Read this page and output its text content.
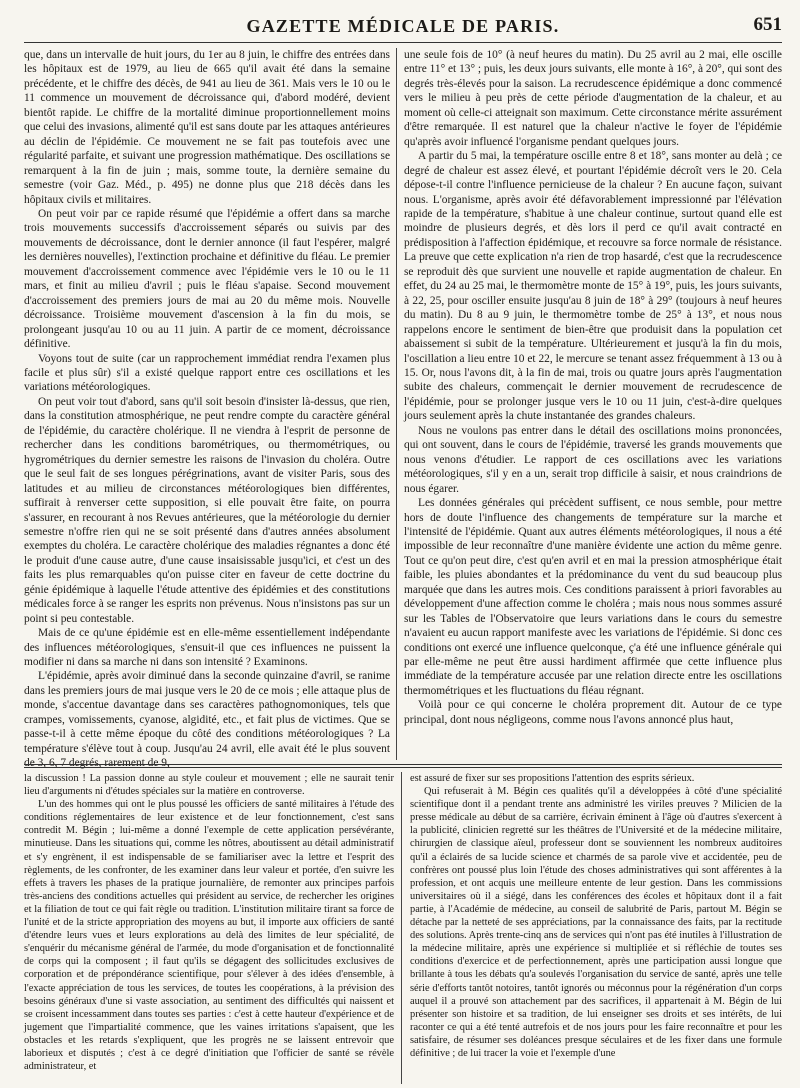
GAZETTE MÉDICALE DE PARIS.	651

que, dans un intervalle de huit jours, du 1er au 8 juin, le chiffre des entrées dans les hôpitaux est de 1979, au lieu de 665 qu'il avait été dans la semaine précédente, et le chiffre des décès, de 941 au lieu de 361. Mais vers le 10 ou le 11 commence un mouvement de décroissance qui, d'abord modéré, devient bientôt rapide. Le chiffre de la mortalité diminue proportionnellement moins que celui des invasions, alimenté qu'il est sans doute par les attaques antérieures au déclin de l'épidémie. Ce mouvement ne se fait pas toutefois avec une régularité parfaite, et suivant une progression mathématique. Des oscillations se remarquent à la fin de juin ; mais, somme toute, la dernière semaine du semestre (voir Gaz. Méd., p. 495) ne donne plus que 218 décès dans les hôpitaux civils et militaires.

On peut voir par ce rapide résumé que l'épidémie a offert dans sa marche trois mouvements successifs d'accroissement séparés ou suivis par des mouvements de décroissance, dont le dernier annonce (il faut l'espérer, malgré les dernières nouvelles), l'extinction prochaine et définitive du fléau. Le premier mouvement d'accroissement commence avec l'épidémie vers le 10 ou le 11 mars, et finit au milieu d'avril ; puis le fléau s'apaise. Second mouvement d'accroissement des premiers jours de mai au 20 du même mois. Nouvelle décroissance. Troisième mouvement d'ascension à la fin du mois, se prolongeant jusqu'au 10 ou au 11 juin. A partir de ce moment, décroissance définitive.

Voyons tout de suite (car un rapprochement immédiat rendra l'examen plus facile et plus sûr) s'il a existé quelque rapport entre ces oscillations et les variations météorologiques.

On peut voir tout d'abord, sans qu'il soit besoin d'insister là-dessus, que rien, dans la constitution atmosphérique, ne peut rendre compte du caractère général de l'épidémie, du caractère cholérique. Il ne viendra à l'esprit de personne de rechercher dans les conditions barométriques, ou thermométriques, ou hygrométriques du dernier semestre les raisons de l'invasion du choléra. Outre que le seul fait de ses longues pérégrinations, avant de visiter Paris, sous des latitudes et au milieu de circonstances météorologiques bien différentes, suffirait à renverser cette supposition, si elle pouvait être faite, on pourra s'assurer, en recourant à nos Revues antérieures, que la météorologie du dernier semestre n'offre rien qui ne se soit présenté dans d'autres années absolument exemptes du choléra. Le caractère cholérique des maladies régnantes a donc été le produit d'une cause autre, d'une cause insaisissable jusqu'ici, et c'est un des faits les plus remarquables qu'on puisse citer en faveur de cette doctrine du génie épidémique à laquelle l'étude attentive des épidémies et des constitutions médicales force à se ranger les esprits non prévenus. Nous n'insistons pas sur un point si peu contestable.

Mais de ce qu'une épidémie est en elle-même essentiellement indépendante des influences météorologiques, s'ensuit-il que ces influences ne puissent la modifier ni dans sa marche ni dans son intensité ? Examinons.

L'épidémie, après avoir diminué dans la seconde quinzaine d'avril, se ranime dans les premiers jours de mai jusque vers le 20 de ce mois ; elle attaque plus de monde, s'accentue davantage dans ses caractères pathognomoniques, tels que crampes, vomissements, cyanose, algidité, etc., et fait plus de victimes. Que se passe-t-il à cette même époque du côté des conditions météorologiques ? La température s'élève tout à coup. Jusqu'au 24 avril, elle avait été le plus souvent de 3, 6, 7 degrés, rarement de 9,

une seule fois de 10° (à neuf heures du matin). Du 25 avril au 2 mai, elle oscille entre 11° et 13° ; puis, les deux jours suivants, elle monte à 16°, à 20°, qui sont des degrés très-élevés pour la saison. La recrudescence épidémique a donc commencé vers le milieu à peu près de cette période d'augmentation de la chaleur, et au moment où celle-ci atteignait son maximum. Cette circonstance mérite assurément d'être remarquée. Il est naturel que la chaleur n'active le foyer de l'épidémie qu'après avoir influencé l'organisme pendant quelques jours.

A partir du 5 mai, la température oscille entre 8 et 18°, sans monter au delà ; ce degré de chaleur est assez élevé, et pourtant l'épidémie décroît vers le 20. Cela dépose-t-il contre l'influence pernicieuse de la chaleur ? En aucune façon, suivant nous. L'organisme, après avoir été défavorablement impressionné par l'élévation rapide de la température, s'habitue à une chaleur continue, surtout quand elle est moindre de plusieurs degrés, et dès lors il perd ce qu'il avait contracté en prédisposition à l'affection épidémique, et recouvre sa force normale de résistance. La preuve que cette explication n'a rien de trop hasardé, c'est que la recrudescence se reproduit dès que survient une nouvelle et rapide augmentation de chaleur. En effet, du 24 au 25 mai, le thermomètre monte de 15° à 19°, puis, les jours suivants, à 22, 25, pour osciller ensuite jusqu'au 8 juin de 18° à 29° (toujours à neuf heures du matin). Du 8 au 9 juin, le thermomètre tombe de 25° à 13°, et nous nous rappelons encore le sentiment de bien-être que produisit dans la population cet abaissement si subit de la température. Ultérieurement et jusqu'à la fin du mois, l'oscillation a lieu entre 10 et 22, le mercure se tenant assez fréquemment à 13 ou à 15. Or, nous l'avons dit, à la fin de mai, trois ou quatre jours après l'augmentation subite des chaleurs, commençait le dernier mouvement de recrudescence de l'épidémie, pour se prolonger jusque vers le 10 ou 11 juin, c'est-à-dire quelques jours seulement après la chute instantanée des grandes chaleurs.

Nous ne voulons pas entrer dans le détail des oscillations moins prononcées, qui ont souvent, dans le cours de l'épidémie, traversé les grands mouvements que nous venons d'étudier. Le rapport de ces oscillations avec les variations météorologiques, s'il y en a un, serait trop difficile à saisir, et nous craindrions de nous égarer.

Les données générales qui précèdent suffisent, ce nous semble, pour mettre hors de doute l'influence des changements de température sur la marche et l'intensité de l'épidémie. Quant aux autres éléments météorologiques, il nous a été impossible de leur reconnaître d'une manière évidente une action du même genre. Tout ce qu'on peut dire, c'est qu'en avril et en mai la pression atmosphérique était faible, les pluies abondantes et la prédominance du vent du sud beaucoup plus marquée que dans les autres mois. Ces conditions paraissent à priori favorables au développement d'une affection comme le choléra ; mais nous nous sommes assuré sur les Tables de l'Observatoire que leurs variations dans le cours du semestre n'avaient eu aucun rapport manifeste avec les variations de l'épidémie. Si donc ces conditions ont exercé une influence quelconque, ç'a été une influence générale qui par elle-même ne peut être aussi hardiment affirmée que cette influence plus immédiate de la température accusée par une relation directe entre les oscillations thermométriques et les fluctuations du fléau régnant.

Voilà pour ce qui concerne le choléra proprement dit. Autour de ce type principal, dont nous négligeons, comme nous l'avons annoncé plus haut,

la discussion ! La passion donne au style couleur et mouvement ; elle ne saurait tenir lieu d'arguments ni d'études spéciales sur la matière en controverse.

L'un des hommes qui ont le plus poussé les officiers de santé militaires à l'étude des conditions réglementaires de leur existence et de leur fonctionnement, c'est sans contredit M. Bégin ; lui-même a donné l'exemple de cette application persévérante, minutieuse. Dans les situations qui, comme les nôtres, aboutissent au détail administratif et s'y engrènent, il est indispensable de se familiariser avec la lettre et l'esprit des règlements, de les confronter, de les examiner dans leur valeur et portée, d'en suivre les effets à travers les phases de la pratique journalière, de remonter aux principes parfois très-anciens des conditions actuelles qui président au service, de rechercher les origines et la filiation de tout ce qui fait règle ou tradition. L'institution militaire tirant sa force de l'unité et de la stricte appropriation des moyens au but, il importe aux officiers de santé d'étendre leurs vues et leurs explorations au delà des limites de leur spécialité, de s'enquérir du mécanisme général de l'armée, du mode d'organisation et de fonctionnalité de corps qui la composent ; il faut qu'ils se dégagent des sollicitudes exclusives de corporation et de prépondérance scientifique, pour s'élever à des idées d'ensemble, à l'exacte appréciation de tous les services, de toutes les coopérations, à la prévision des besoins généraux d'une si vaste association, au sentiment des difficultés qui naissent et se croisent incessamment dans toutes ses parties : c'est à cette hauteur d'expérience et de jugement que l'impartialité commence, que les vaines irritations s'apaisent, que les obstacles et les retards s'expliquent, que les progrès ne se laissent entrevoir que laborieux et disputés ; c'est à ce degré d'initiation que l'officier de santé se révèle administrateur, et

est assuré de fixer sur ses propositions l'attention des esprits sérieux.

Qui refuserait à M. Bégin ces qualités qu'il a développées à côté d'une spécialité scientifique dont il a pendant trente ans administré les viriles preuves ? Milicien de la presse médicale au début de sa carrière, écrivain éminent à l'âge où d'autres s'exercent à la publicité, clinicien regretté sur les théâtres de l'Université et de la médecine militaire, chirurgien de classique aïeul, professeur dont se souviennent les nombreux auditoires qu'il a éclairés de sa lucide science et charmés de sa parole vive et accidentée, peu de confrères ont poussé plus loin l'étude des choses administratives qui sont afférentes à la profession, et ont acquis une meilleure entente de leur gestion. Dans les commissions universitaires où il a siégé, dans les conférences des écoles et hôpitaux dont il a fait partie, à l'Académie de médecine, au conseil de salubrité de Paris, partout M. Bégin se détache par la netteté de ses appréciations, par la connaissance des faits, par la rectitude des solutions. Après trente-cinq ans de services qui n'ont pas été inutiles à l'illustration de la médecine militaire, après une expérience si multipliée et si réfléchie de toutes ses conditions d'exercice et de perfectionnement, après une participation aussi longue que brillante à tous les débats qu'a soulevés l'organisation du service de santé, après une telle série d'efforts tantôt notoires, tantôt ignorés ou méconnus pour la régénération d'un corps auquel il a prouvé son attachement par des sacrifices, il appartenait à M. Bégin de lui présenter son histoire et sa tradition, de lui enseigner ses droits et ses intérêts, de lui raconter ce qui a été tenté autrefois et de nos jours pour les faire reconnaître et pour les satisfaire, de résumer ses doléances presque séculaires et de les fixer dans une formule définitive ; de lui tracer la voie et l'exemple d'une
